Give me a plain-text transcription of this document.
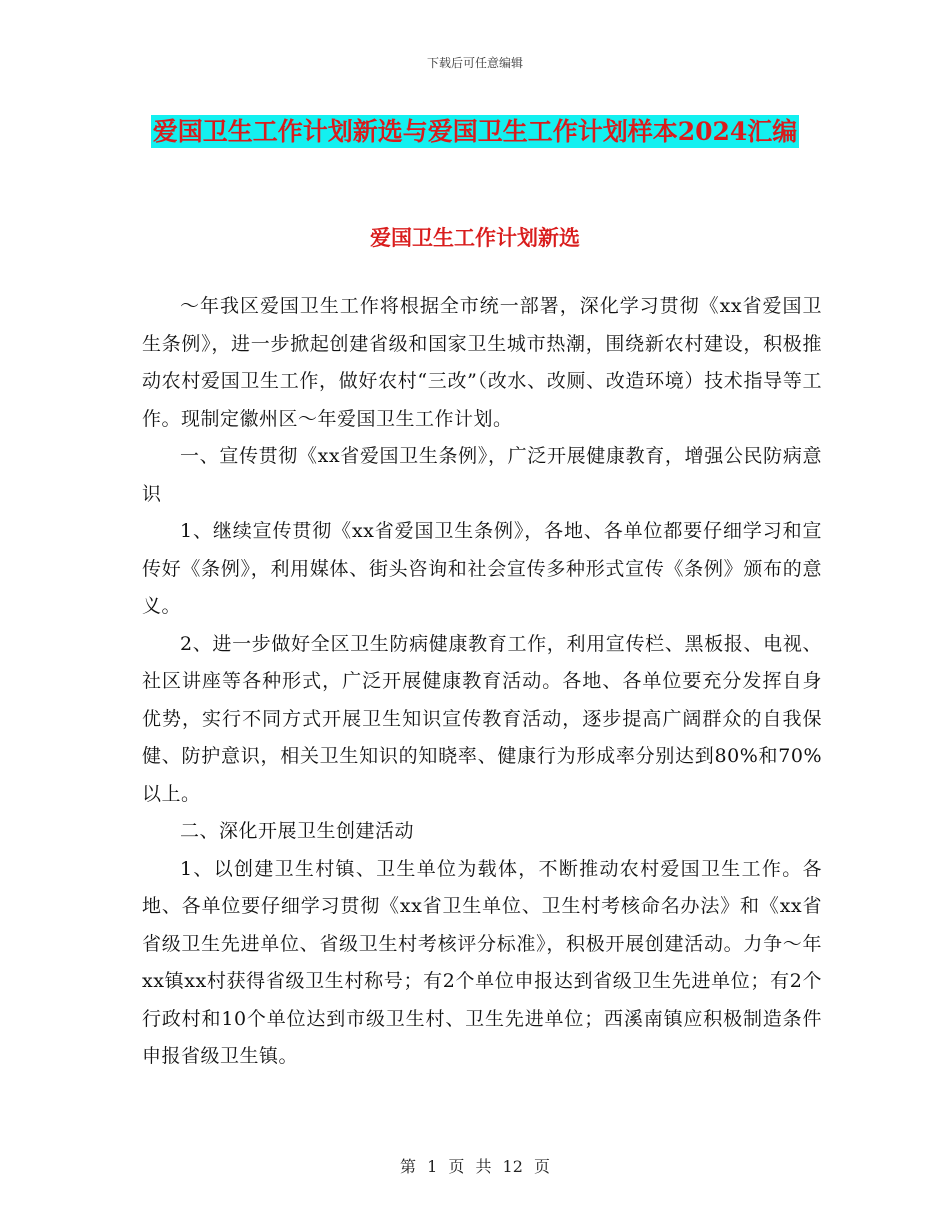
下载后可任意编辑
爱国卫生工作计划新选与爱国卫生工作计划样本2024汇编
爱国卫生工作计划新选

～年我区爱国卫生工作将根据全市统一部署，深化学习贯彻《xx省爱国卫生条例》，进一步掀起创建省级和国家卫生城市热潮，围绕新农村建设，积极推动农村爱国卫生工作，做好农村“三改”（改水、改厕、改造环境）技术指导等工作。现制定徽州区～年爱国卫生工作计划。

一、宣传贯彻《xx省爱国卫生条例》，广泛开展健康教育，增强公民防病意识

1、继续宣传贯彻《xx省爱国卫生条例》，各地、各单位都要仔细学习和宣传好《条例》，利用媒体、街头咨询和社会宣传多种形式宣传《条例》颁布的意义。

2、进一步做好全区卫生防病健康教育工作，利用宣传栏、黑板报、电视、社区讲座等各种形式，广泛开展健康教育活动。各地、各单位要充分发挥自身优势，实行不同方式开展卫生知识宣传教育活动，逐步提高广阔群众的自我保健、防护意识，相关卫生知识的知晓率、健康行为形成率分别达到80%和70%以上。

二、深化开展卫生创建活动

1、以创建卫生村镇、卫生单位为载体，不断推动农村爱国卫生工作。各地、各单位要仔细学习贯彻《xx省卫生单位、卫生村考核命名办法》和《xx省省级卫生先进单位、省级卫生村考核评分标准》，积极开展创建活动。力争～年xx镇xx村获得省级卫生村称号；有2个单位申报达到省级卫生先进单位；有2个行政村和10个单位达到市级卫生村、卫生先进单位；西溪南镇应积极制造条件申报省级卫生镇。

第 1 页 共 12 页
